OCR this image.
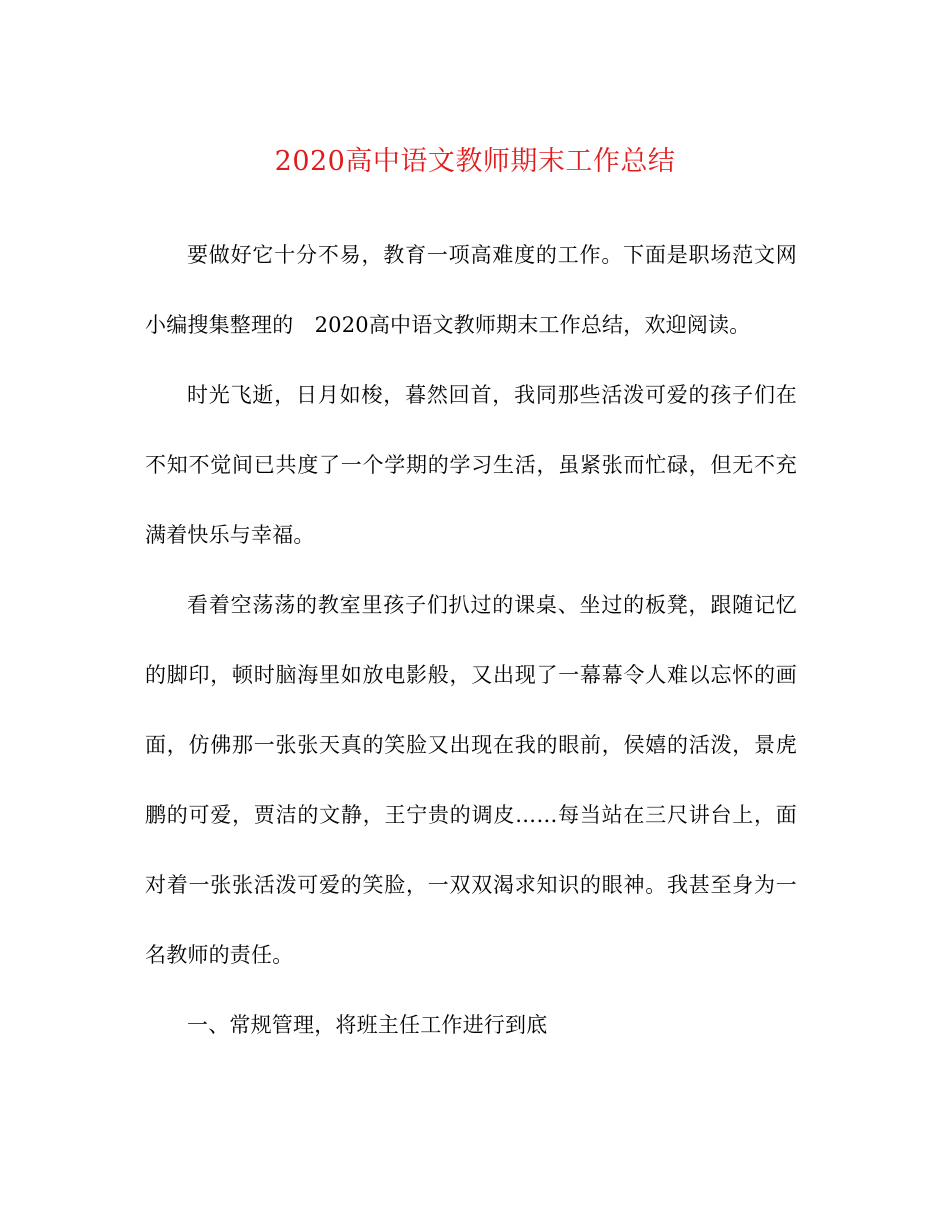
2020高中语文教师期末工作总结

要做好它十分不易，教育一项高难度的工作。下面是职场范文网小编搜集整理的　2020高中语文教师期末工作总结，欢迎阅读。

时光飞逝，日月如梭，暮然回首，我同那些活泼可爱的孩子们在不知不觉间已共度了一个学期的学习生活，虽紧张而忙碌，但无不充满着快乐与幸福。

看着空荡荡的教室里孩子们扒过的课桌、坐过的板凳，跟随记忆的脚印，顿时脑海里如放电影般，又出现了一幕幕令人难以忘怀的画面，仿佛那一张张天真的笑脸又出现在我的眼前，侯嬉的活泼，景虎鹏的可爱，贾洁的文静，王宁贵的调皮……每当站在三尺讲台上，面对着一张张活泼可爱的笑脸，一双双渴求知识的眼神。我甚至身为一名教师的责任。

一、常规管理，将班主任工作进行到底
